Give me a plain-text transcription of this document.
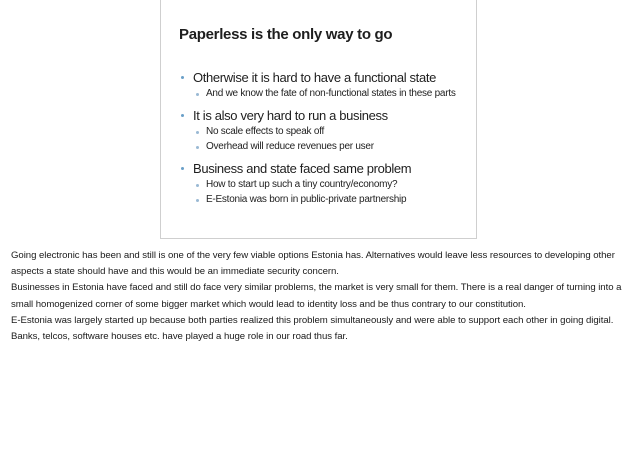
Paperless is the only way to go
Otherwise it is hard to have a functional state
And we know the fate of non-functional states in these parts
It is also very hard to run a business
No scale effects to speak off
Overhead will reduce revenues per user
Business and state faced same problem
How to start up such a tiny country/economy?
E-Estonia was born in public-private partnership

Going electronic has been and still is one of the very few viable options Estonia has. Alternatives would leave less resources to developing other aspects a state should have and this would be an immediate security concern.

Businesses in Estonia have faced and still do face very similar problems, the market is very small for them. There is a real danger of turning into a small homogenized corner of some bigger market which would lead to identity loss and be thus contrary to our constitution.

E-Estonia was largely started up because both parties realized this problem simultaneously and were able to support each other in going digital. Banks, telcos, software houses etc. have played a huge role in our road thus far.
